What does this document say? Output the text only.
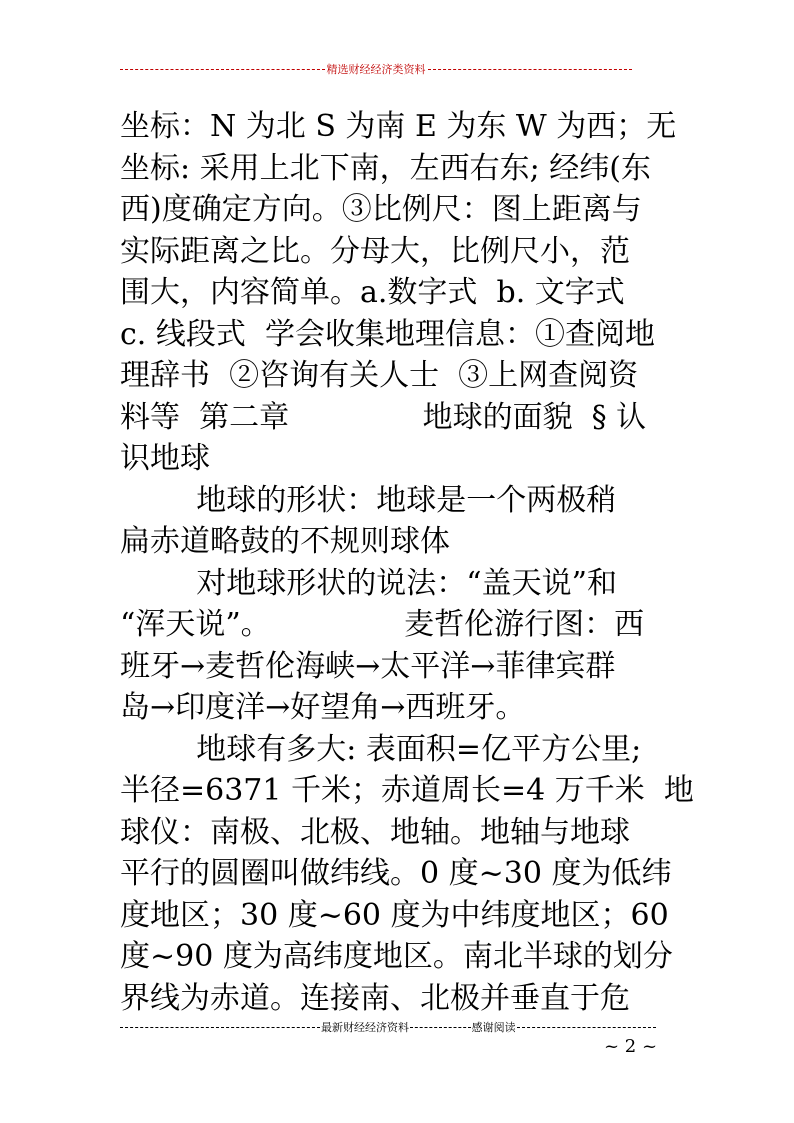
精选财经经济类资料
坐标：N 为北 S 为南 E 为东 W 为西；无
坐标: 采用上北下南，左西右东; 经纬(东
西)度确定方向。③比例尺：图上距离与
实际距离之比。分母大，比例尺小，范
围大，内容简单。a.数字式  b. 文字式
c. 线段式  学会收集地理信息：①查阅地
理辞书  ②咨询有关人士  ③上网查阅资
料等  第二章              地球的面貌  § 认
识地球
地球的形状：地球是一个两极稍
扁赤道略鼓的不规则球体
对地球形状的说法：“盖天说”和
“浑天说”。              麦哲伦游行图：西
班牙→麦哲伦海峡→太平洋→菲律宾群
岛→印度洋→好望角→西班牙。
地球有多大: 表面积=亿平方公里;
半径=6371 千米；赤道周长=4 万千米  地
球仪：南极、北极、地轴。地轴与地球
平行的圆圈叫做纬线。0 度~30 度为低纬
度地区；30 度~60 度为中纬度地区；60
度~90 度为高纬度地区。南北半球的划分
界线为赤道。连接南、北极并垂直于危
最新财经经济资料	感谢阅读
~ 2 ~
